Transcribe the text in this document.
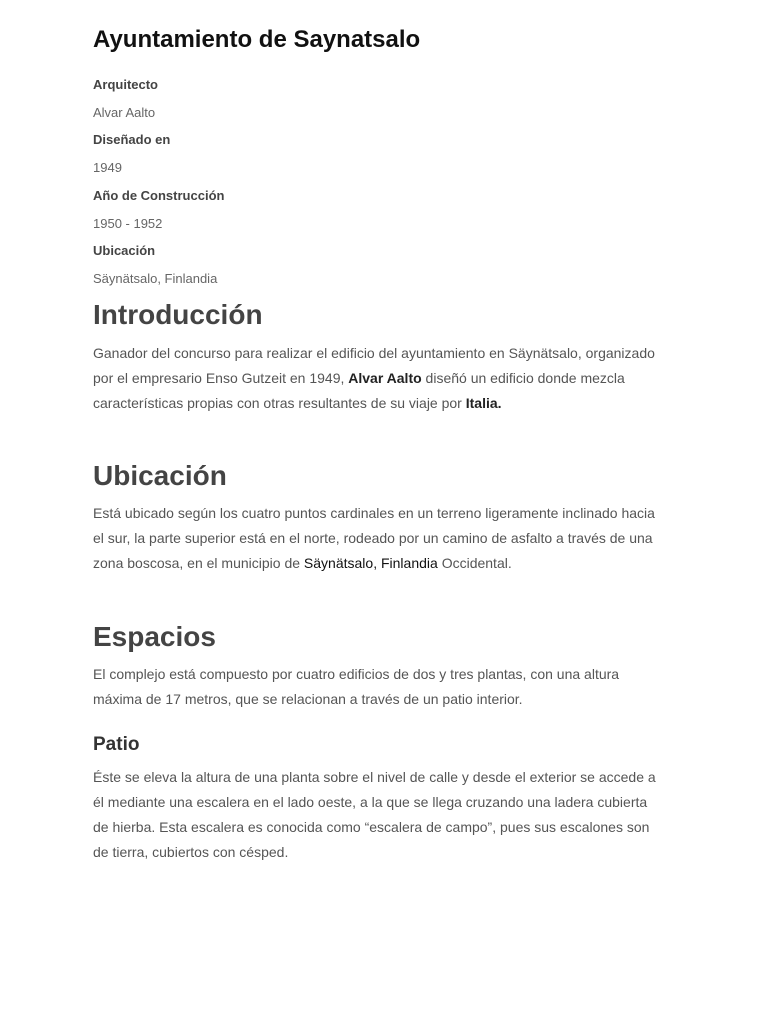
Ayuntamiento de Saynatsalo
Arquitecto
Alvar Aalto
Diseñado en
1949
Año de Construcción
1950 - 1952
Ubicación
Säynätsalo, Finlandia
Introducción

Ganador del concurso para realizar el edificio del ayuntamiento en Säynätsalo, organizado por el empresario Enso Gutzeit en 1949, Alvar Aalto diseñó un edificio donde mezcla características propias con otras resultantes de su viaje por Italia.

Ubicación

Está ubicado según los cuatro puntos cardinales en un terreno ligeramente inclinado hacia el sur, la parte superior está en el norte, rodeado por un camino de asfalto a través de una zona boscosa, en el municipio de Säynätsalo, Finlandia Occidental.

Espacios

El complejo está compuesto por cuatro edificios de dos y tres plantas, con una altura máxima de 17 metros, que se relacionan a través de un patio interior.

Patio

Éste se eleva la altura de una planta sobre el nivel de calle y desde el exterior se accede a él mediante una escalera en el lado oeste, a la que se llega cruzando una ladera cubierta de hierba. Esta escalera es conocida como “escalera de campo”, pues sus escalones son de tierra, cubiertos con césped.
